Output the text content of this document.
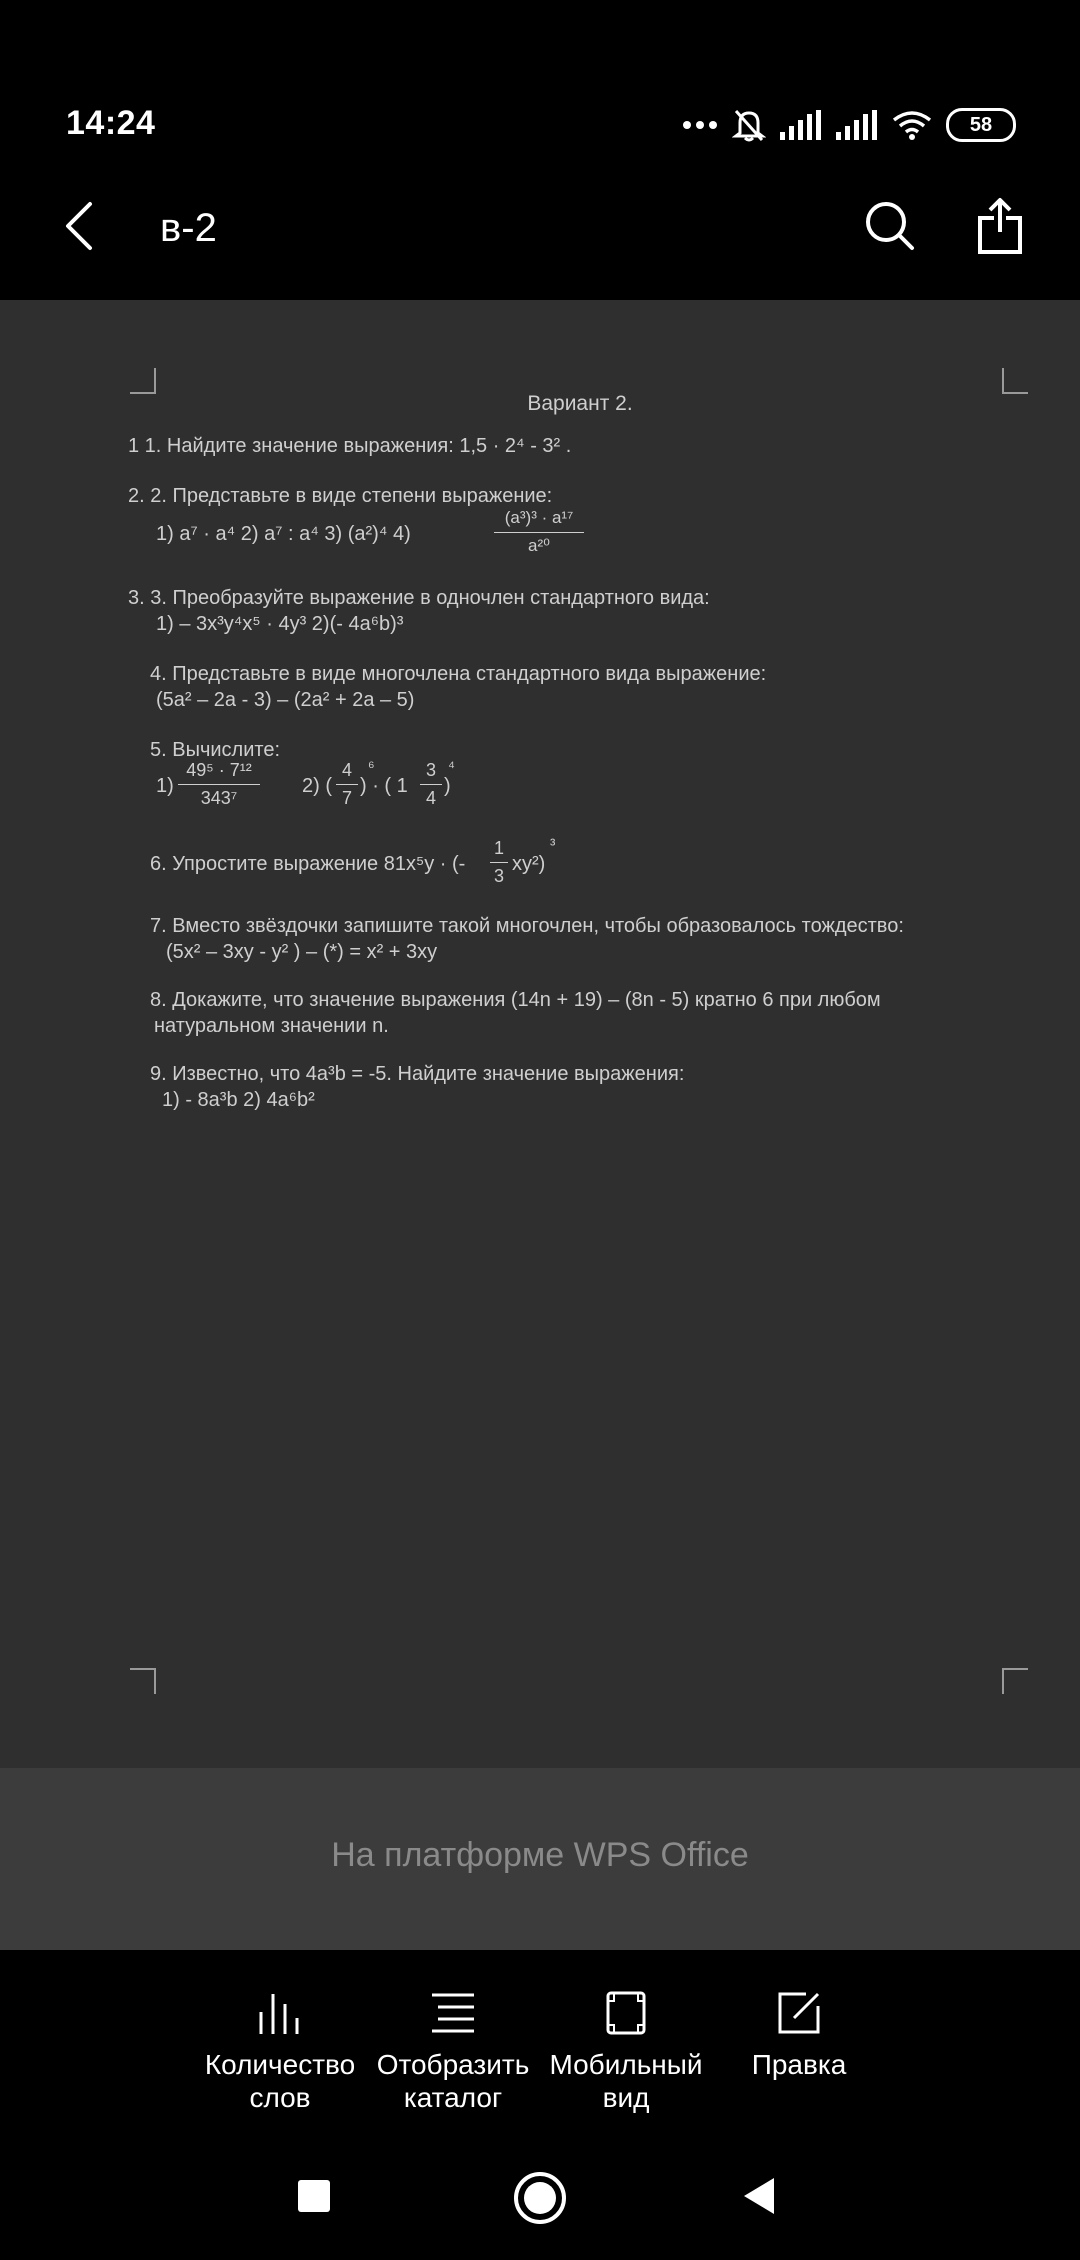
14:24	58
в-2
Вариант 2.
1 1. Найдите значение выражения: 1,5 · 2⁴ - 3² .
2. 2. Представьте в виде степени выражение:
1) a⁷ · a⁴ 2) a⁷ : a⁴ 3) (a²)⁴ 4)
(a³)³ · a¹⁷
a²⁰
3. 3. Преобразуйте выражение в одночлен стандартного вида:
1) – 3x³y⁴x⁵ · 4y³ 2)(- 4a⁶b)³
4. Представьте в виде многочлена стандартного вида выражение:
(5a² – 2a - 3) – (2a² + 2a – 5)
5. Вычислите:
1)
49⁵ · 7¹²
343⁷
2) (
4
7
⁶
) · ( 1
3
4
)
⁴
6. Упростите выражение 81x⁵y · (-
1
3
xy²)
³
7. Вместо звёздочки запишите такой многочлен, чтобы образовалось тождество:
(5x² – 3xy - y² ) – (*) = x² + 3xy
8. Докажите, что значение выражения (14n + 19) – (8n - 5) кратно 6 при любом
натуральном значении n.
9. Известно, что 4a³b = -5. Найдите значение выражения:
1) - 8a³b 2) 4a⁶b²
На платформе WPS Office
Количество
слов
Отобразить
каталог
Мобильный
вид
Правка
